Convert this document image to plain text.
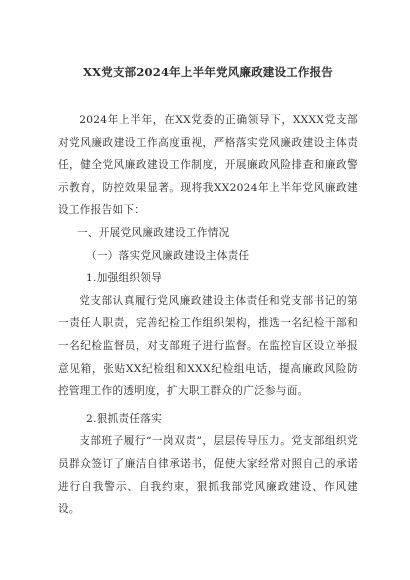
XX党支部2024年上半年党风廉政建设工作报告

2024年上半年，在XX党委的正确领导下，XXXX党支部对党风廉政建设工作高度重视，严格落实党风廉政建设主体责任，健全党风廉政建设工作制度，开展廉政风险排查和廉政警示教育，防控效果显著。现将我XX2024年上半年党风廉政建设工作报告如下：

一、开展党风廉政建设工作情况
（一）落实党风廉政建设主体责任
1.加强组织领导

党支部认真履行党风廉政建设主体责任和党支部书记的第一责任人职责，完善纪检工作组织架构，推选一名纪检干部和一名纪检监督员，对支部班子进行监督。在监控盲区设立举报意见箱，张贴XX纪检组和XXX纪检组电话，提高廉政风险防控管理工作的透明度，扩大职工群众的广泛参与面。

2.狠抓责任落实

支部班子履行“一岗双责”，层层传导压力。党支部组织党员群众签订了廉洁自律承诺书，促使大家经常对照自己的承诺进行自我警示、自我约束，狠抓我部党风廉政建设、作风建设。
